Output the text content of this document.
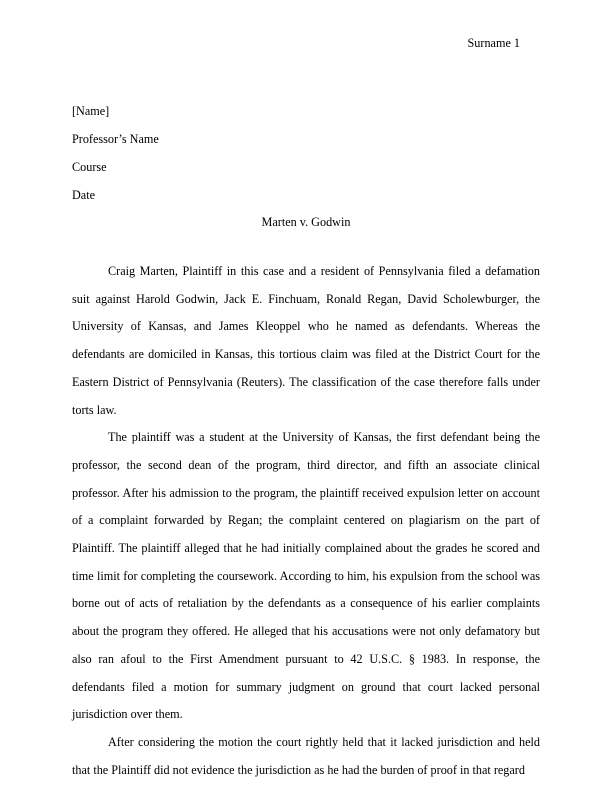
Surname 1
[Name]
Professor’s Name
Course
Date
Marten v. Godwin

Craig Marten, Plaintiff in this case and a resident of Pennsylvania filed a defamation suit against Harold Godwin, Jack E. Finchuam, Ronald Regan, David Scholewburger, the University of Kansas, and James Kleoppel who he named as defendants. Whereas the defendants are domiciled in Kansas, this tortious claim was filed at the District Court for the Eastern District of Pennsylvania (Reuters). The classification of the case therefore falls under torts law.

The plaintiff was a student at the University of Kansas, the first defendant being the professor, the second dean of the program, third director, and fifth an associate clinical professor. After his admission to the program, the plaintiff received expulsion letter on account of a complaint forwarded by Regan; the complaint centered on plagiarism on the part of Plaintiff. The plaintiff alleged that he had initially complained about the grades he scored and time limit for completing the coursework. According to him, his expulsion from the school was borne out of acts of retaliation by the defendants as a consequence of his earlier complaints about the program they offered. He alleged that his accusations were not only defamatory but also ran afoul to the First Amendment pursuant to 42 U.S.C. § 1983. In response, the defendants filed a motion for summary judgment on ground that court lacked personal jurisdiction over them.

After considering the motion the court rightly held that it lacked jurisdiction and held that the Plaintiff did not evidence the jurisdiction as he had the burden of proof in that regard
